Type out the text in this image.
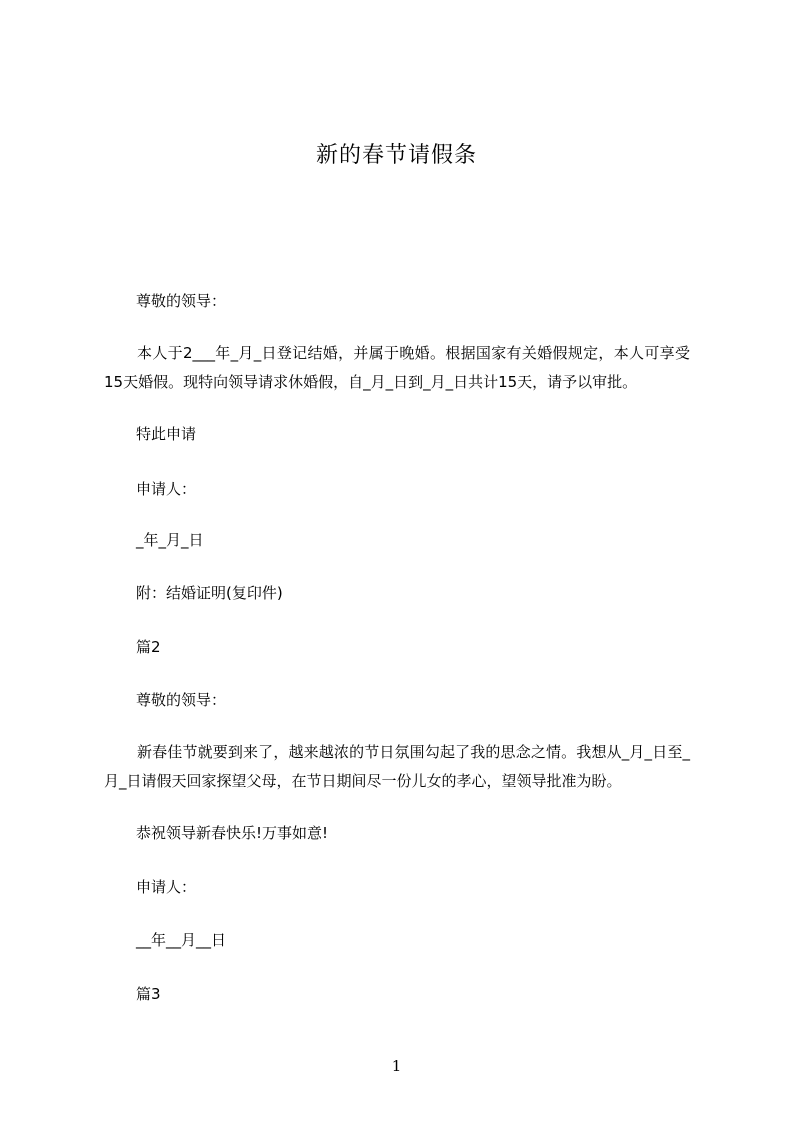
新的春节请假条
尊敬的领导：
本人于2___年_月_日登记结婚，并属于晚婚。根据国家有关婚假规定，本人可享受15天婚假。现特向领导请求休婚假，自_月_日到_月_日共计15天，请予以审批。
特此申请
申请人：
_年_月_日
附：结婚证明(复印件)
篇2
尊敬的领导：
新春佳节就要到来了，越来越浓的节日氛围勾起了我的思念之情。我想从_月_日至_月_日请假天回家探望父母，在节日期间尽一份儿女的孝心，望领导批准为盼。
恭祝领导新春快乐!万事如意!
申请人：
__年__月__日
篇3
1
